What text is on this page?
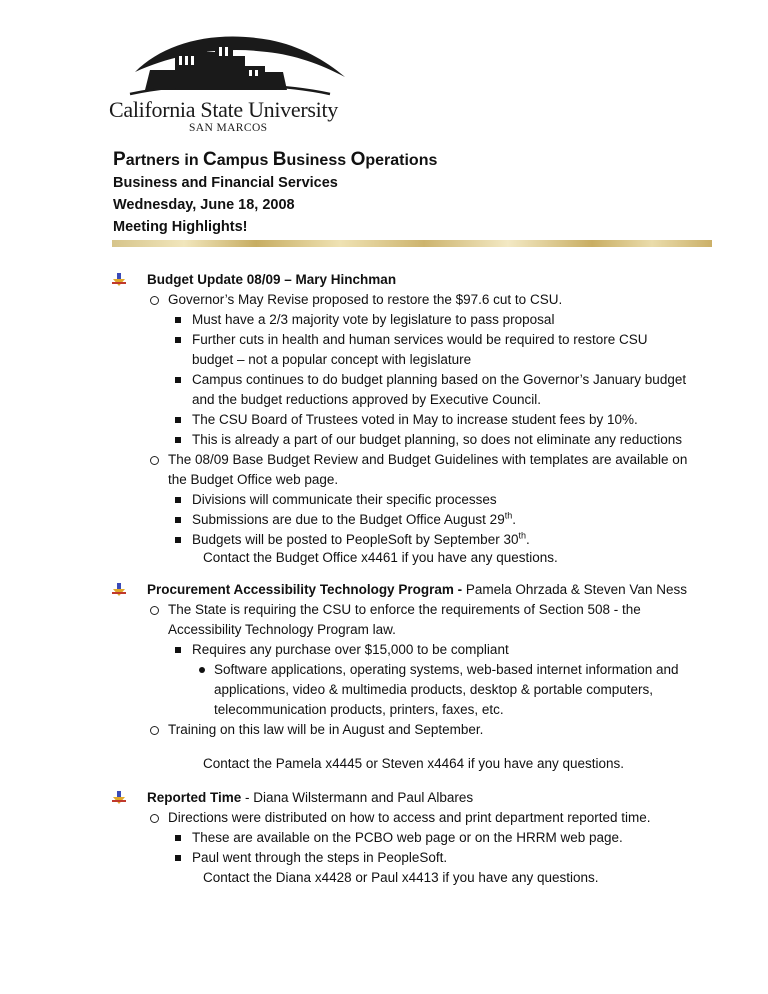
California State University
SAN MARCOS
Partners in Campus Business Operations
Business and Financial Services
Wednesday, June 18, 2008
Meeting Highlights!
Budget Update 08/09 – Mary Hinchman
Governor’s May Revise proposed to restore the $97.6 cut to CSU.
Must have a 2/3 majority vote by legislature to pass proposal
Further cuts in health and human services would be required to restore CSU
budget – not a popular concept with legislature
Campus continues to do budget planning based on the Governor’s January budget
and the budget reductions approved by Executive Council.
The CSU Board of Trustees voted in May to increase student fees by 10%.
This is already a part of our budget planning, so does not eliminate any reductions
The 08/09 Base Budget Review and Budget Guidelines with templates are available on
the Budget Office web page.
Divisions will communicate their specific processes
Submissions are due to the Budget Office August 29th.
Budgets will be posted to PeopleSoft by September 30th.
Contact the Budget Office x4461 if you have any questions.
Procurement Accessibility Technology Program - Pamela Ohrzada & Steven Van Ness
The State is requiring the CSU to enforce the requirements of Section 508 - the
Accessibility Technology Program law.
Requires any purchase over $15,000 to be compliant
Software applications, operating systems, web-based internet information and
applications, video & multimedia products, desktop & portable computers,
telecommunication products, printers, faxes, etc.
Training on this law will be in August and September.
Contact the Pamela x4445 or Steven x4464 if you have any questions.
Reported Time - Diana Wilstermann and Paul Albares
Directions were distributed on how to access and print department reported time.
These are available on the PCBO web page or on the HRRM web page.
Paul went through the steps in PeopleSoft.
Contact the Diana x4428 or Paul x4413 if you have any questions.
